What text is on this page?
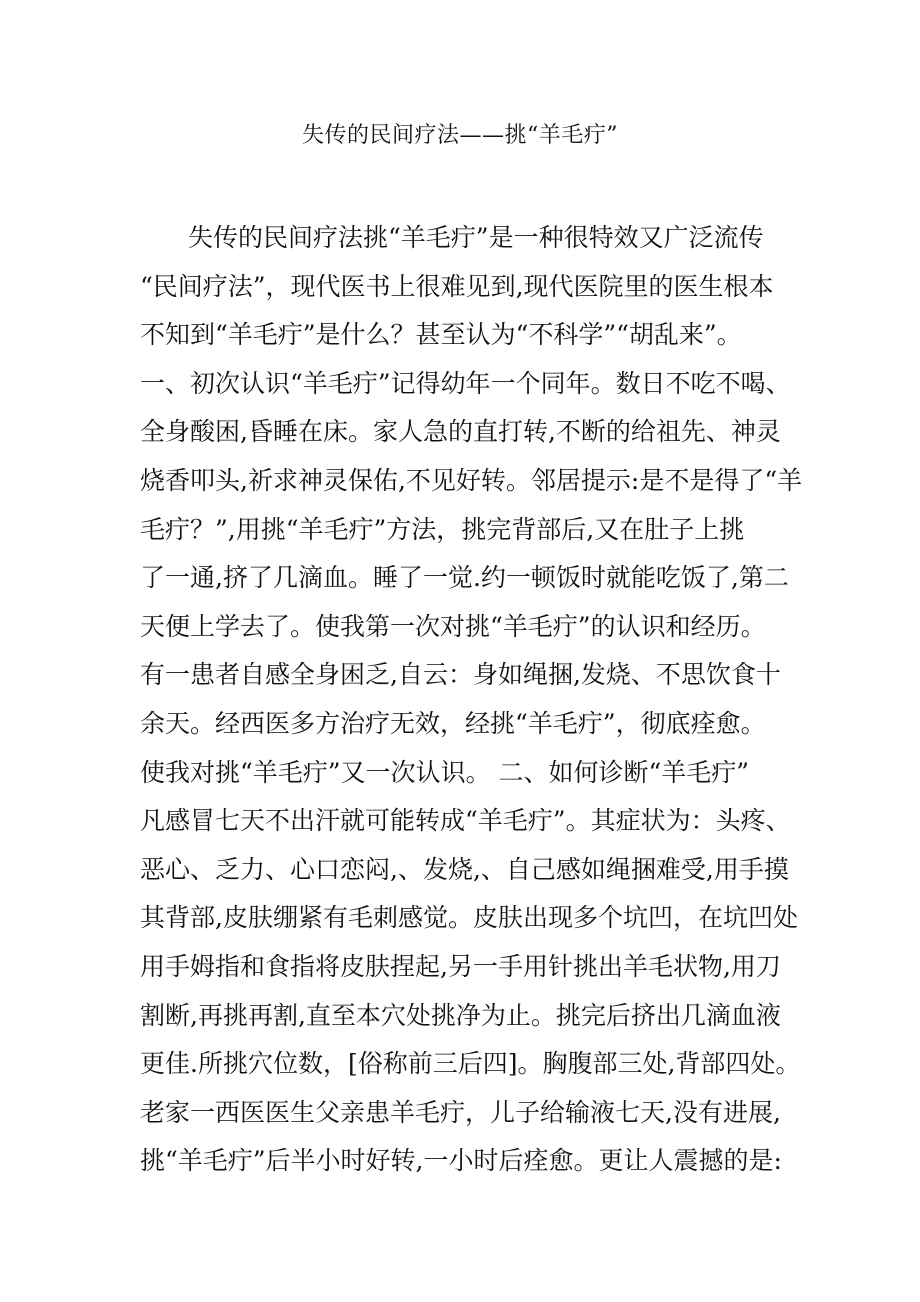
失传的民间疗法——挑“羊毛疔”
失传的民间疗法挑“羊毛疔”是一种很特效又广泛流传
“民间疗法”，现代医书上很难见到,现代医院里的医生根本
不知到“羊毛疔”是什么？甚至认为“不科学”“胡乱来”。
一、初次认识“羊毛疔”记得幼年一个同年。数日不吃不喝、
全身酸困,昏睡在床。家人急的直打转,不断的给祖先、神灵
烧香叩头,祈求神灵保佑,不见好转。邻居提示:是不是得了“羊
毛疔？”,用挑“羊毛疔”方法，挑完背部后,又在肚子上挑
了一通,挤了几滴血。睡了一觉.约一顿饭时就能吃饭了,第二
天便上学去了。使我第一次对挑“羊毛疔”的认识和经历。
有一患者自感全身困乏,自云：身如绳捆,发烧、不思饮食十
余天。经西医多方治疗无效，经挑“羊毛疔”，彻底痊愈。
使我对挑“羊毛疔”又一次认识。 二、如何诊断“羊毛疔”
凡感冒七天不出汗就可能转成“羊毛疔”。其症状为：头疼、
恶心、乏力、心口恋闷,、发烧,、自己感如绳捆难受,用手摸
其背部,皮肤绷紧有毛刺感觉。皮肤出现多个坑凹，在坑凹处
用手姆指和食指将皮肤捏起,另一手用针挑出羊毛状物,用刀
割断,再挑再割,直至本穴处挑净为止。挑完后挤出几滴血液
更佳.所挑穴位数，[俗称前三后四]。胸腹部三处,背部四处。
老家一西医医生父亲患羊毛疔，儿子给输液七天,没有进展,
挑“羊毛疔”后半小时好转,一小时后痊愈。更让人震撼的是:
